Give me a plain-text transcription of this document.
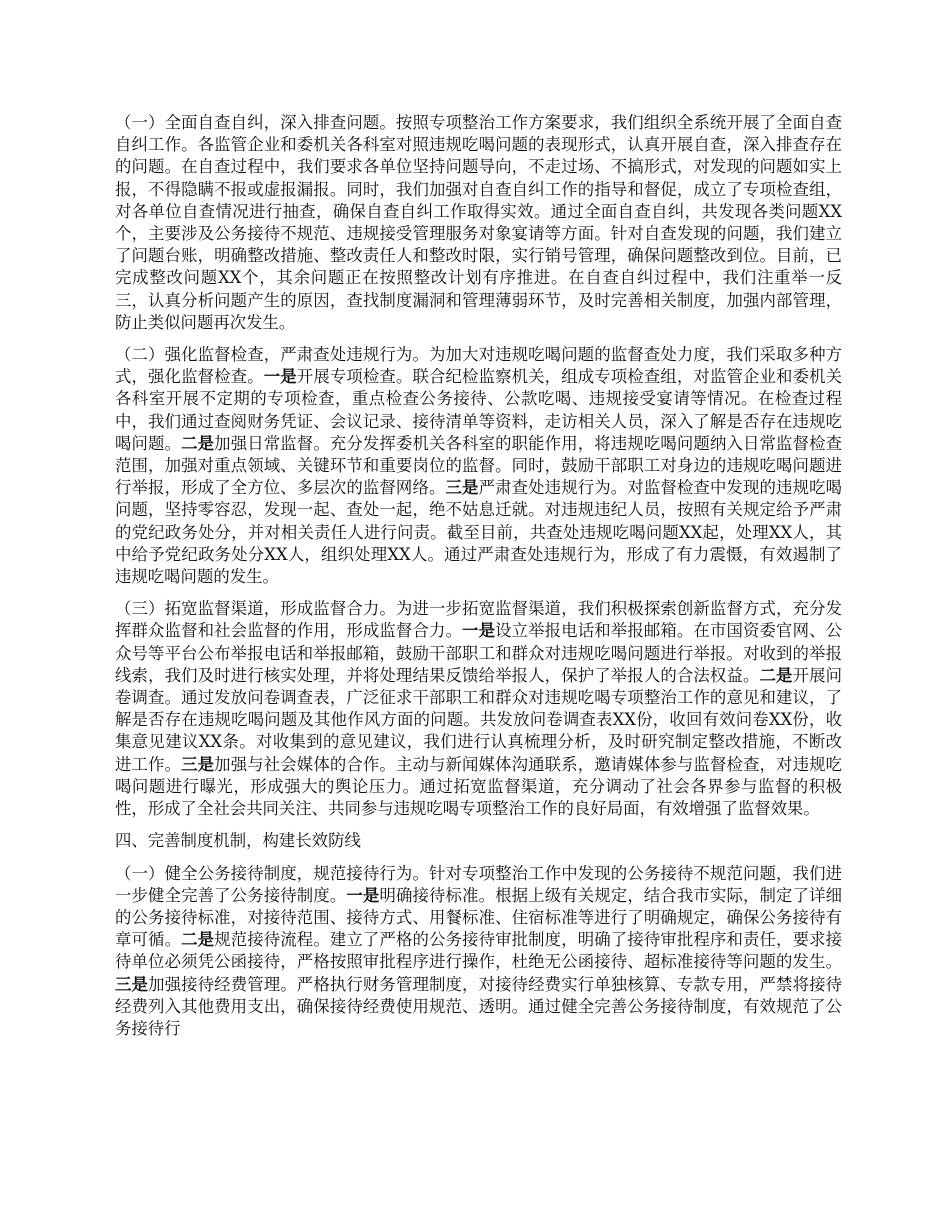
（一）全面自查自纠，深入排查问题。按照专项整治工作方案要求，我们组织全系统开展了全面自查自纠工作。各监管企业和委机关各科室对照违规吃喝问题的表现形式，认真开展自查，深入排查存在的问题。在自查过程中，我们要求各单位坚持问题导向，不走过场、不搞形式，对发现的问题如实上报，不得隐瞒不报或虚报漏报。同时，我们加强对自查自纠工作的指导和督促，成立了专项检查组，对各单位自查情况进行抽查，确保自查自纠工作取得实效。通过全面自查自纠，共发现各类问题XX个，主要涉及公务接待不规范、违规接受管理服务对象宴请等方面。针对自查发现的问题，我们建立了问题台账，明确整改措施、整改责任人和整改时限，实行销号管理，确保问题整改到位。目前，已完成整改问题XX个，其余问题正在按照整改计划有序推进。在自查自纠过程中，我们注重举一反三，认真分析问题产生的原因，查找制度漏洞和管理薄弱环节，及时完善相关制度，加强内部管理，防止类似问题再次发生。

（二）强化监督检查，严肃查处违规行为。为加大对违规吃喝问题的监督查处力度，我们采取多种方式，强化监督检查。一是开展专项检查。联合纪检监察机关，组成专项检查组，对监管企业和委机关各科室开展不定期的专项检查，重点检查公务接待、公款吃喝、违规接受宴请等情况。在检查过程中，我们通过查阅财务凭证、会议记录、接待清单等资料，走访相关人员，深入了解是否存在违规吃喝问题。二是加强日常监督。充分发挥委机关各科室的职能作用，将违规吃喝问题纳入日常监督检查范围，加强对重点领域、关键环节和重要岗位的监督。同时，鼓励干部职工对身边的违规吃喝问题进行举报，形成了全方位、多层次的监督网络。三是严肃查处违规行为。对监督检查中发现的违规吃喝问题，坚持零容忍，发现一起、查处一起，绝不姑息迁就。对违规违纪人员，按照有关规定给予严肃的党纪政务处分，并对相关责任人进行问责。截至目前，共查处违规吃喝问题XX起，处理XX人，其中给予党纪政务处分XX人，组织处理XX人。通过严肃查处违规行为，形成了有力震慑，有效遏制了违规吃喝问题的发生。

（三）拓宽监督渠道，形成监督合力。为进一步拓宽监督渠道，我们积极探索创新监督方式，充分发挥群众监督和社会监督的作用，形成监督合力。一是设立举报电话和举报邮箱。在市国资委官网、公众号等平台公布举报电话和举报邮箱，鼓励干部职工和群众对违规吃喝问题进行举报。对收到的举报线索，我们及时进行核实处理，并将处理结果反馈给举报人，保护了举报人的合法权益。二是开展问卷调查。通过发放问卷调查表，广泛征求干部职工和群众对违规吃喝专项整治工作的意见和建议，了解是否存在违规吃喝问题及其他作风方面的问题。共发放问卷调查表XX份，收回有效问卷XX份，收集意见建议XX条。对收集到的意见建议，我们进行认真梳理分析，及时研究制定整改措施，不断改进工作。三是加强与社会媒体的合作。主动与新闻媒体沟通联系，邀请媒体参与监督检查，对违规吃喝问题进行曝光，形成强大的舆论压力。通过拓宽监督渠道，充分调动了社会各界参与监督的积极性，形成了全社会共同关注、共同参与违规吃喝专项整治工作的良好局面，有效增强了监督效果。

四、完善制度机制，构建长效防线

（一）健全公务接待制度，规范接待行为。针对专项整治工作中发现的公务接待不规范问题，我们进一步健全完善了公务接待制度。一是明确接待标准。根据上级有关规定，结合我市实际，制定了详细的公务接待标准，对接待范围、接待方式、用餐标准、住宿标准等进行了明确规定，确保公务接待有章可循。二是规范接待流程。建立了严格的公务接待审批制度，明确了接待审批程序和责任，要求接待单位必须凭公函接待，严格按照审批程序进行操作，杜绝无公函接待、超标准接待等问题的发生。三是加强接待经费管理。严格执行财务管理制度，对接待经费实行单独核算、专款专用，严禁将接待经费列入其他费用支出，确保接待经费使用规范、透明。通过健全完善公务接待制度，有效规范了公务接待行
